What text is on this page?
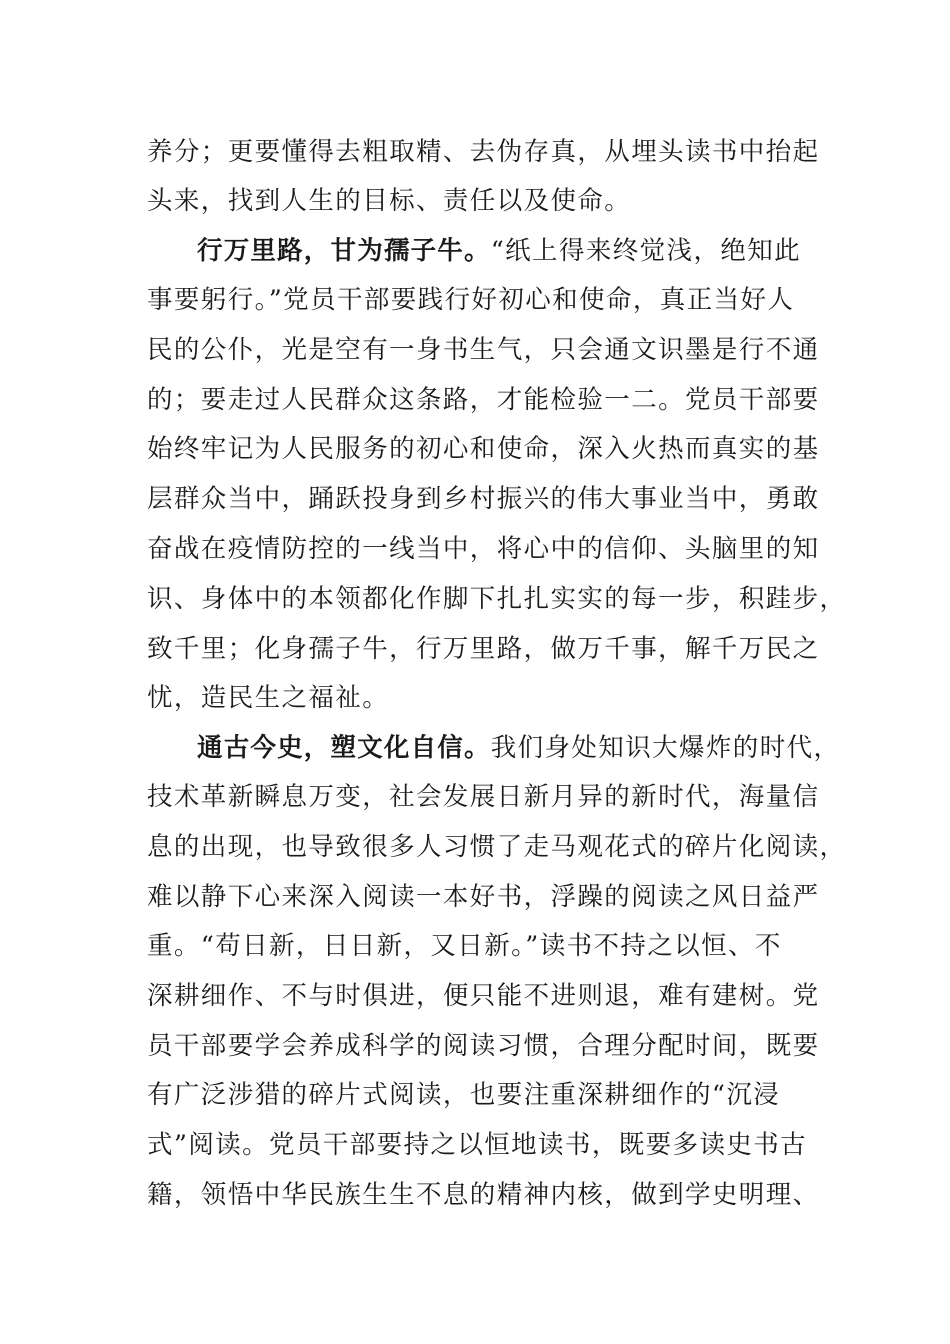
养分；更要懂得去粗取精、去伪存真，从埋头读书中抬起
头来，找到人生的目标、责任以及使命。
行万里路，甘为孺子牛。“纸上得来终觉浅，绝知此
事要躬行。”党员干部要践行好初心和使命，真正当好人
民的公仆，光是空有一身书生气，只会通文识墨是行不通
的；要走过人民群众这条路，才能检验一二。党员干部要
始终牢记为人民服务的初心和使命，深入火热而真实的基
层群众当中，踊跃投身到乡村振兴的伟大事业当中，勇敢
奋战在疫情防控的一线当中，将心中的信仰、头脑里的知
识、身体中的本领都化作脚下扎扎实实的每一步，积跬步，
致千里；化身孺子牛，行万里路，做万千事，解千万民之
忧，造民生之福祉。
通古今史，塑文化自信。我们身处知识大爆炸的时代，
技术革新瞬息万变，社会发展日新月异的新时代，海量信
息的出现，也导致很多人习惯了走马观花式的碎片化阅读，
难以静下心来深入阅读一本好书，浮躁的阅读之风日益严
重。“苟日新，日日新，又日新。”读书不持之以恒、不
深耕细作、不与时俱进，便只能不进则退，难有建树。党
员干部要学会养成科学的阅读习惯，合理分配时间，既要
有广泛涉猎的碎片式阅读，也要注重深耕细作的“沉浸
式”阅读。党员干部要持之以恒地读书，既要多读史书古
籍，领悟中华民族生生不息的精神内核，做到学史明理、
